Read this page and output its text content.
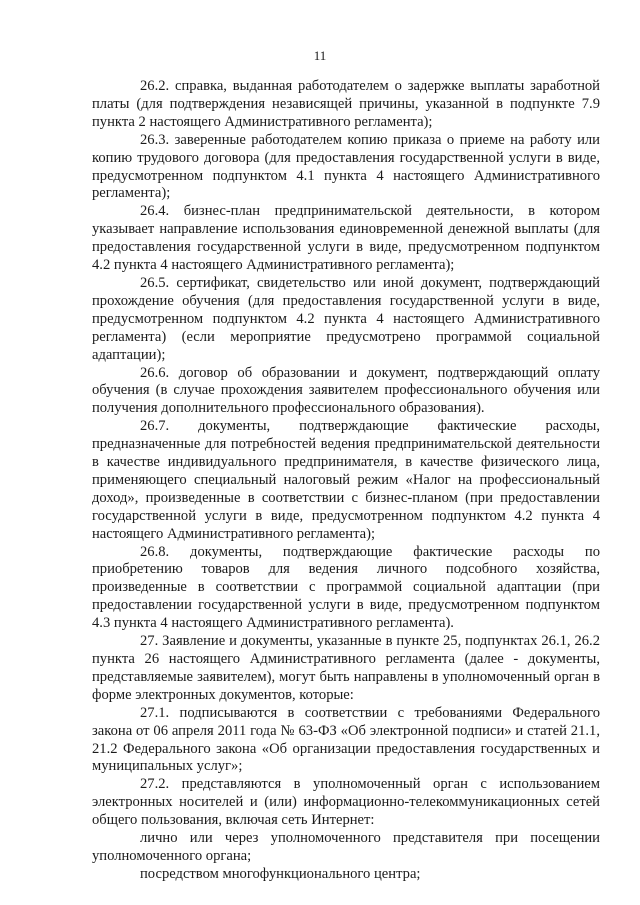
11

26.2. справка, выданная работодателем о задержке выплаты заработной платы (для подтверждения независящей причины, указанной в подпункте 7.9 пункта 2 настоящего Административного регламента);

26.3. заверенные работодателем копию приказа о приеме на работу или копию трудового договора (для предоставления государственной услуги в виде, предусмотренном подпунктом 4.1 пункта 4 настоящего Административного регламента);

26.4. бизнес-план предпринимательской деятельности, в котором указывает направление использования единовременной денежной выплаты (для предоставления государственной услуги в виде, предусмотренном подпунктом 4.2 пункта 4 настоящего Административного регламента);

26.5. сертификат, свидетельство или иной документ, подтверждающий прохождение обучения (для предоставления государственной услуги в виде, предусмотренном подпунктом 4.2 пункта 4 настоящего Административного регламента) (если мероприятие предусмотрено программой социальной адаптации);

26.6. договор об образовании и документ, подтверждающий оплату обучения (в случае прохождения заявителем профессионального обучения или получения дополнительного профессионального образования).

26.7. документы, подтверждающие фактические расходы, предназначенные для потребностей ведения предпринимательской деятельности в качестве индивидуального предпринимателя, в качестве физического лица, применяющего специальный налоговый режим «Налог на профессиональный доход», произведенные в соответствии с бизнес-планом (при предоставлении государственной услуги в виде, предусмотренном подпунктом 4.2 пункта 4 настоящего Административного регламента);

26.8. документы, подтверждающие фактические расходы по приобретению товаров для ведения личного подсобного хозяйства, произведенные в соответствии с программой социальной адаптации (при предоставлении государственной услуги в виде, предусмотренном подпунктом 4.3 пункта 4 настоящего Административного регламента).

27. Заявление и документы, указанные в пункте 25, подпунктах 26.1, 26.2 пункта 26 настоящего Административного регламента (далее - документы, представляемые заявителем), могут быть направлены в уполномоченный орган в форме электронных документов, которые:

27.1. подписываются в соответствии с требованиями Федерального закона от 06 апреля 2011 года № 63-ФЗ «Об электронной подписи» и статей 21.1, 21.2 Федерального закона «Об организации предоставления государственных и муниципальных услуг»;

27.2. представляются в уполномоченный орган с использованием электронных носителей и (или) информационно-телекоммуникационных сетей общего пользования, включая сеть Интернет:

лично или через уполномоченного представителя при посещении уполномоченного органа;

посредством многофункционального центра;
